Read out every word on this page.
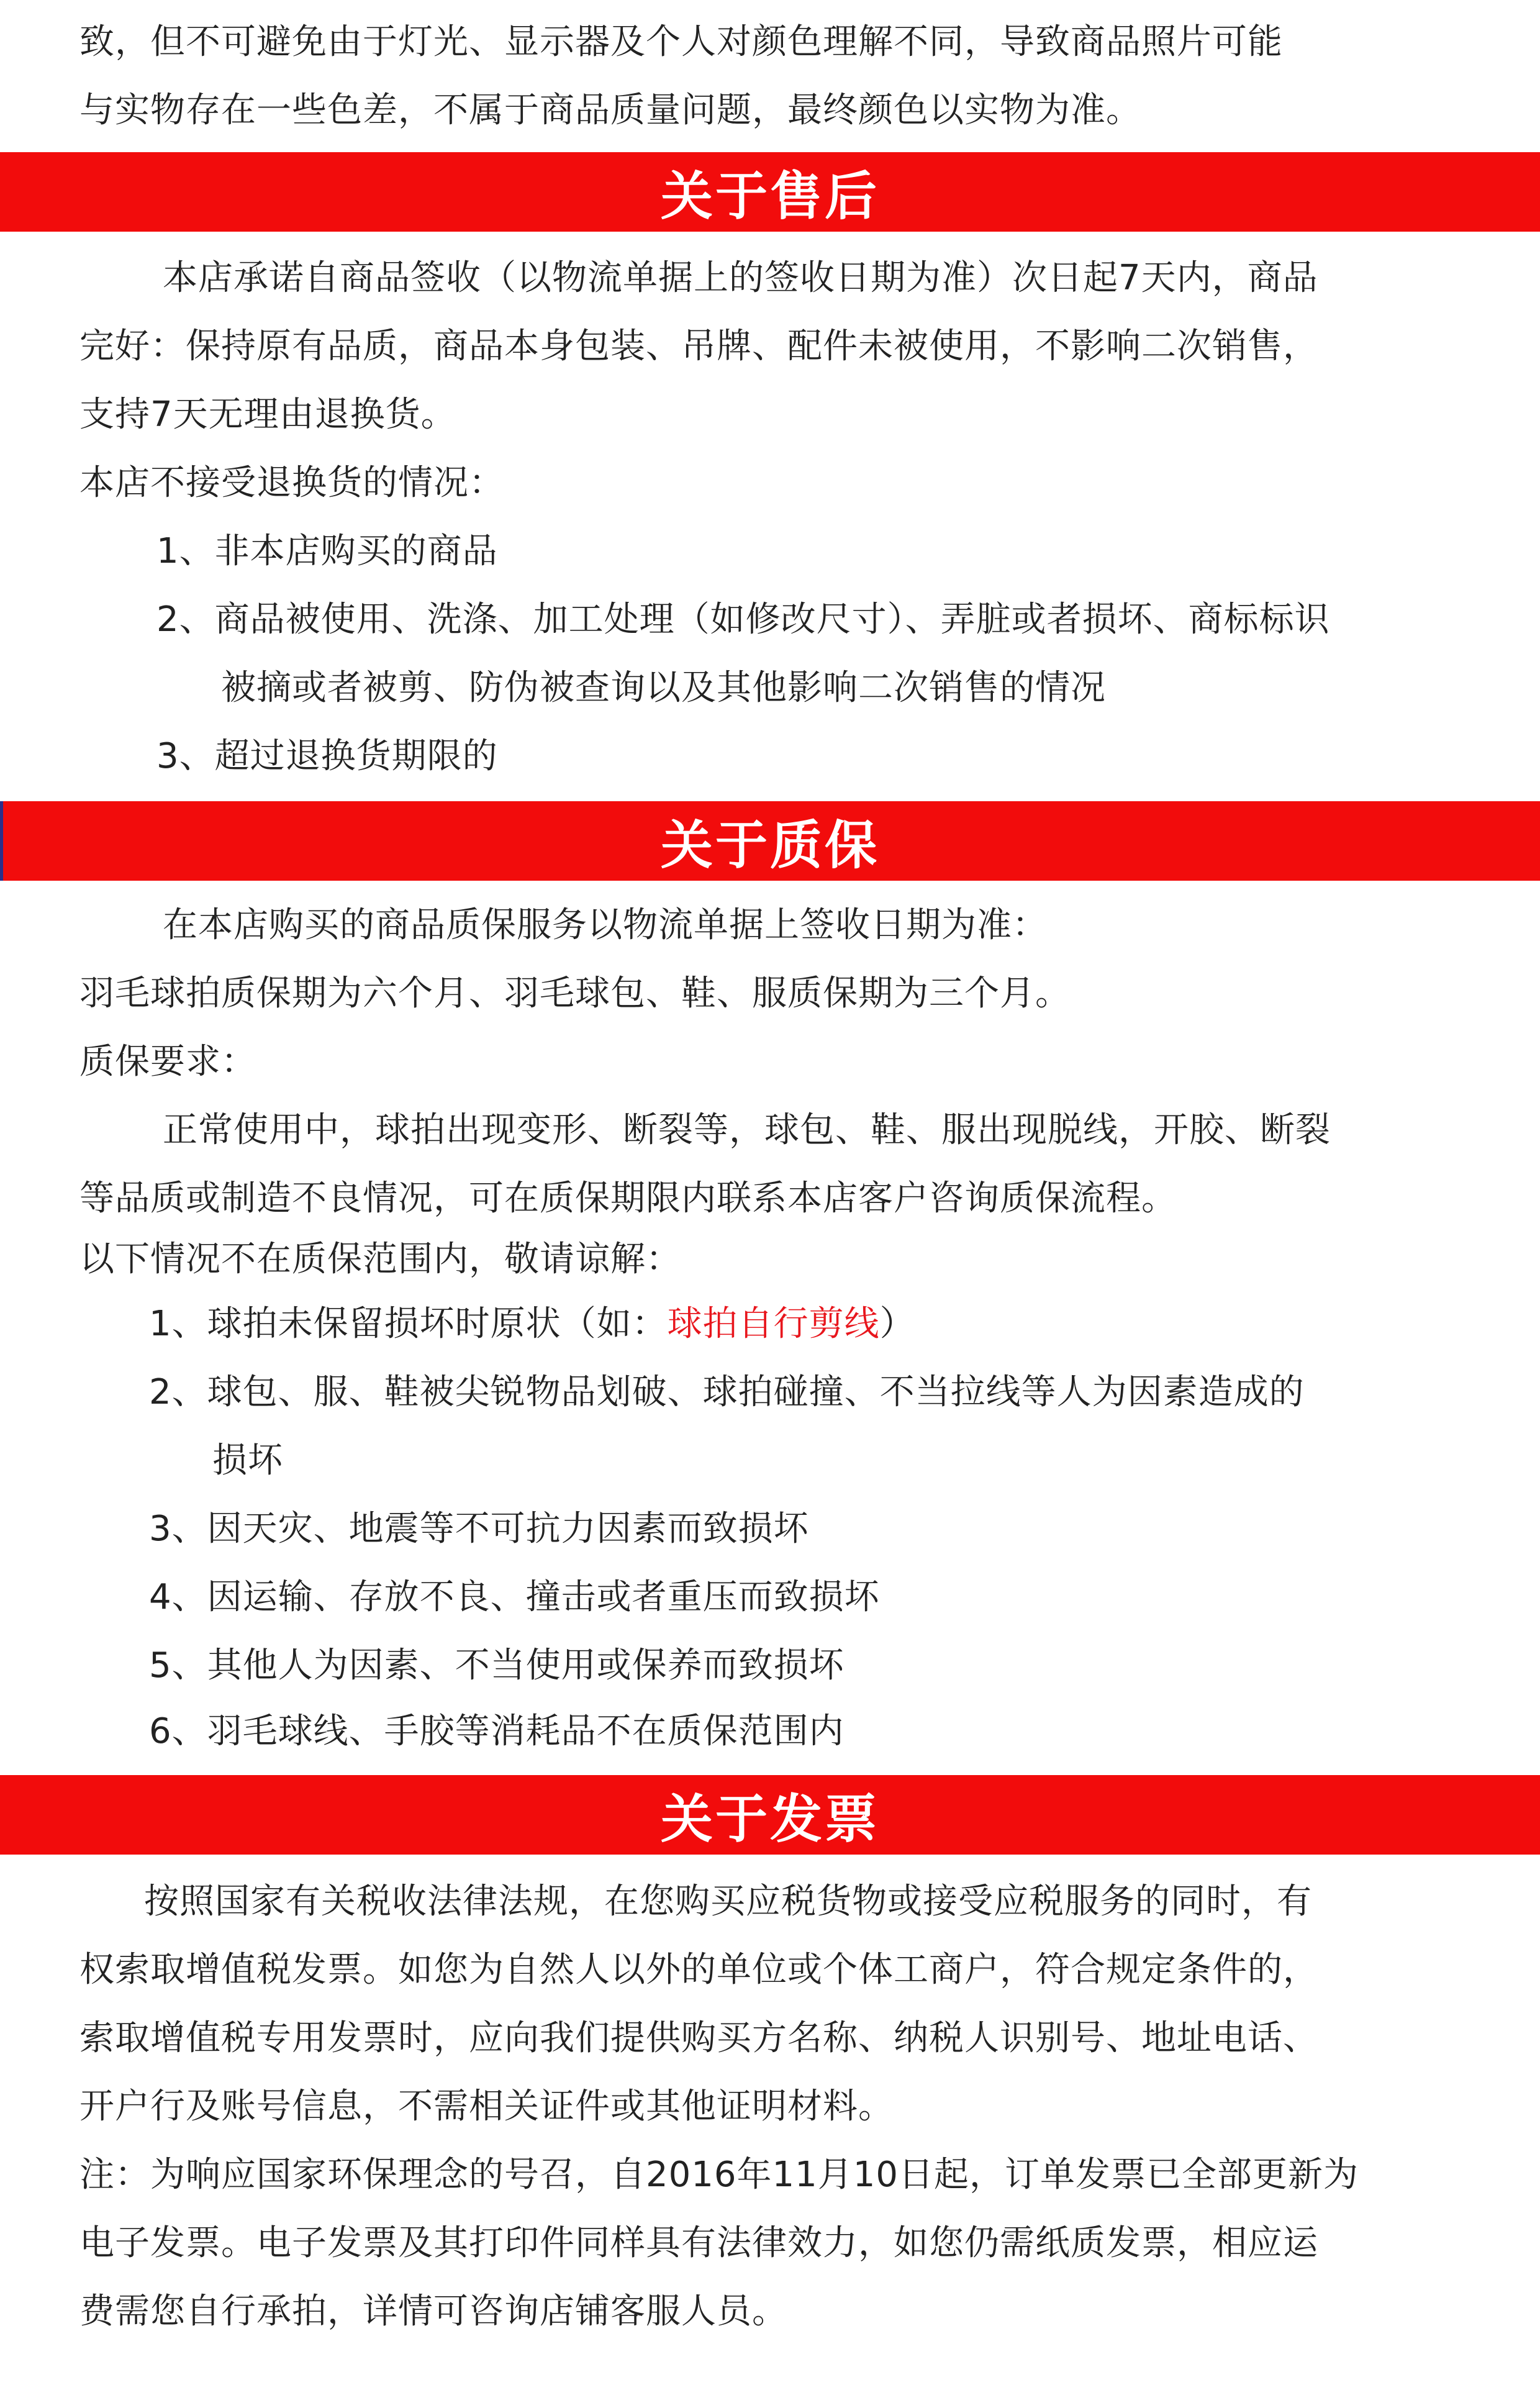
致，但不可避免由于灯光、显示器及个人对颜色理解不同，导致商品照片可能
与实物存在一些色差，不属于商品质量问题，最终颜色以实物为准。
关于售后
本店承诺自商品签收（以物流单据上的签收日期为准）次日起7天内，商品
完好：保持原有品质，商品本身包装、吊牌、配件未被使用，不影响二次销售，
支持7天无理由退换货。
本店不接受退换货的情况：
1、非本店购买的商品
2、商品被使用、洗涤、加工处理（如修改尺寸）、弄脏或者损坏、商标标识
被摘或者被剪、防伪被查询以及其他影响二次销售的情况
3、超过退换货期限的
关于质保
在本店购买的商品质保服务以物流单据上签收日期为准：
羽毛球拍质保期为六个月、羽毛球包、鞋、服质保期为三个月。
质保要求：
正常使用中，球拍出现变形、断裂等，球包、鞋、服出现脱线，开胶、断裂
等品质或制造不良情况，可在质保期限内联系本店客户咨询质保流程。
以下情况不在质保范围内，敬请谅解：
1、球拍未保留损坏时原状（如：球拍自行剪线）
2、球包、服、鞋被尖锐物品划破、球拍碰撞、不当拉线等人为因素造成的
损坏
3、因天灾、地震等不可抗力因素而致损坏
4、因运输、存放不良、撞击或者重压而致损坏
5、其他人为因素、不当使用或保养而致损坏
6、羽毛球线、手胶等消耗品不在质保范围内
关于发票
按照国家有关税收法律法规，在您购买应税货物或接受应税服务的同时，有
权索取增值税发票。如您为自然人以外的单位或个体工商户，符合规定条件的，
索取增值税专用发票时，应向我们提供购买方名称、纳税人识别号、地址电话、
开户行及账号信息，不需相关证件或其他证明材料。
注：为响应国家环保理念的号召，自2016年11月10日起，订单发票已全部更新为
电子发票。电子发票及其打印件同样具有法律效力，如您仍需纸质发票，相应运
费需您自行承拍，详情可咨询店铺客服人员。
